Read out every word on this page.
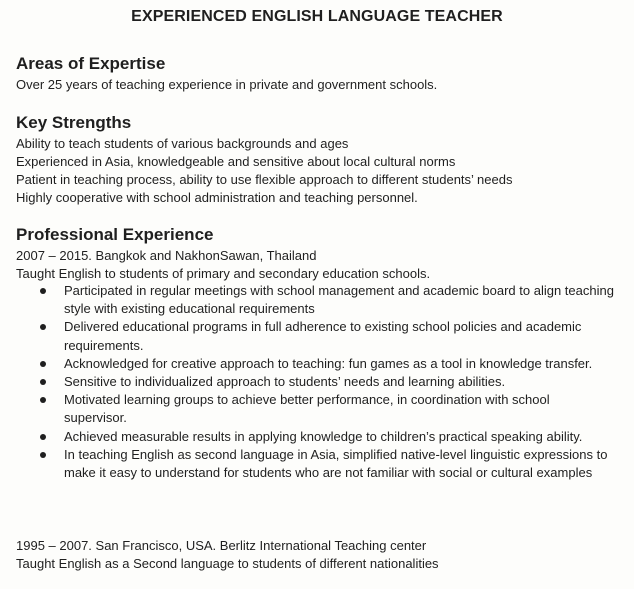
EXPERIENCED ENGLISH LANGUAGE TEACHER
Areas of Expertise
Over 25 years of teaching experience in private and government schools.
Key Strengths
Ability to teach students of various backgrounds and ages
Experienced in Asia, knowledgeable and sensitive about local cultural norms
Patient in teaching process, ability to use flexible approach to different students’ needs
Highly cooperative with school administration and teaching personnel.
Professional Experience
2007 – 2015. Bangkok and NakhonSawan, Thailand
Taught English to students of primary and secondary education schools.
Participated in regular meetings with school management and academic board to align teaching style with existing educational requirements
Delivered educational programs in full adherence to existing school policies and academic requirements.
Acknowledged for creative approach to teaching: fun games as a tool in knowledge transfer.
Sensitive to individualized approach to students’ needs and learning abilities.
Motivated learning groups to achieve better performance, in coordination with school supervisor.
Achieved measurable results in applying knowledge to children’s practical speaking ability.
In teaching English as second language in Asia, simplified native-level linguistic expressions to make it easy to understand for students who are not familiar with social or cultural examples
1995 – 2007. San Francisco, USA. Berlitz International Teaching center
Taught English as a Second language to students of different nationalities
